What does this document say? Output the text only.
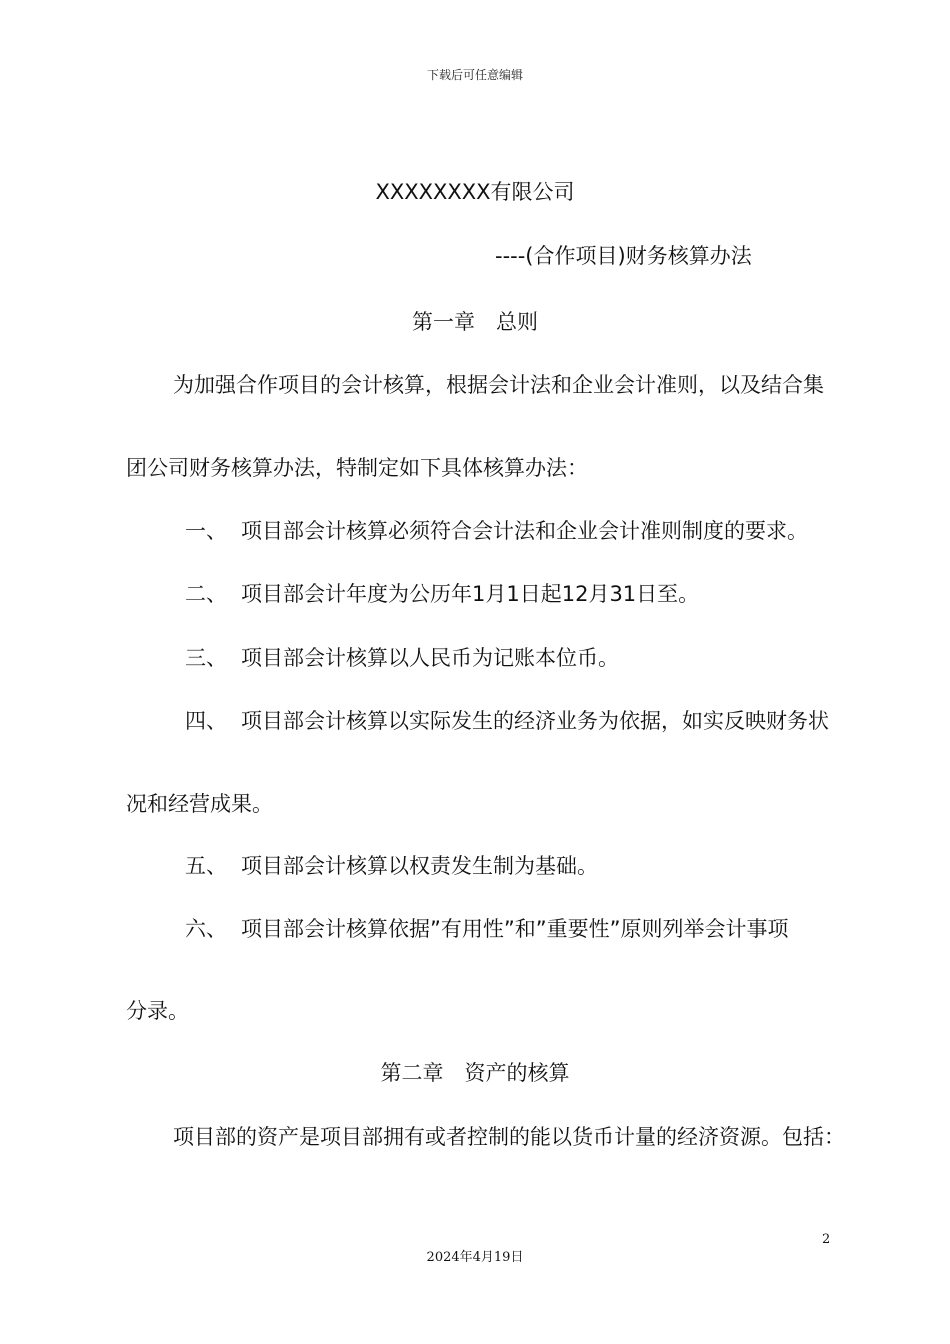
下载后可任意编辑
XXXXXXXX有限公司
----(合作项目)财务核算办法
第一章　总则
为加强合作项目的会计核算，根据会计法和企业会计准则，以及结合集
团公司财务核算办法，特制定如下具体核算办法：
一、 项目部会计核算必须符合会计法和企业会计准则制度的要求。
二、 项目部会计年度为公历年1月1日起12月31日至。
三、 项目部会计核算以人民币为记账本位币。
四、 项目部会计核算以实际发生的经济业务为依据，如实反映财务状
况和经营成果。
五、 项目部会计核算以权责发生制为基础。
六、 项目部会计核算依据”有用性”和”重要性”原则列举会计事项
分录。
第二章　资产的核算
项目部的资产是项目部拥有或者控制的能以货币计量的经济资源。包括：
2
2024年4月19日
